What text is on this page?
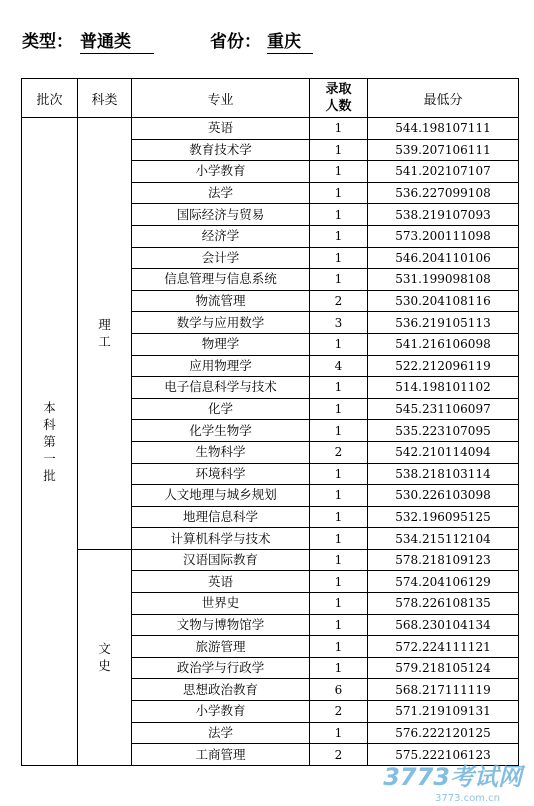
类型： 普通类	省份： 重庆
批次	科类	专业	录取人数	最低分
本科第一批	理工	英语	1	544.198107111
		教育技术学	1	539.207106111
		小学教育	1	541.202107107
		法学	1	536.227099108
		国际经济与贸易	1	538.219107093
		经济学	1	573.200111098
		会计学	1	546.204110106
		信息管理与信息系统	1	531.199098108
		物流管理	2	530.204108116
		数学与应用数学	3	536.219105113
		物理学	1	541.216106098
		应用物理学	4	522.212096119
		电子信息科学与技术	1	514.198101102
		化学	1	545.231106097
		化学生物学	1	535.223107095
		生物科学	2	542.210114094
		环境科学	1	538.218103114
		人文地理与城乡规划	1	530.226103098
		地理信息科学	1	532.196095125
		计算机科学与技术	1	534.215112104
	文史	汉语国际教育	1	578.218109123
		英语	1	574.204106129
		世界史	1	578.226108135
		文物与博物馆学	1	568.230104134
		旅游管理	1	572.224111121
		政治学与行政学	1	579.218105124
		思想政治教育	6	568.217111119
		小学教育	2	571.219109131
		法学	1	576.222120125
		工商管理	2	575.222106123
3773考试网
3773.com.cn
